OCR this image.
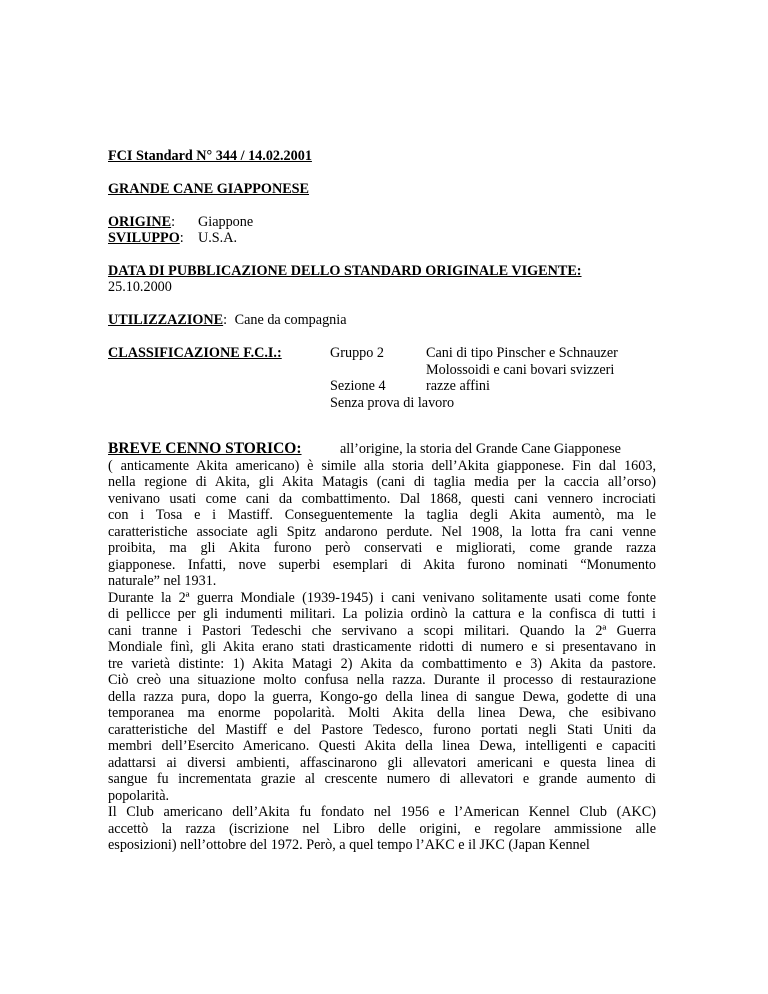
FCI Standard N° 344 / 14.02.2001
GRANDE CANE GIAPPONESE
ORIGINE: Giappone
SVILUPPO: U.S.A.
DATA DI PUBBLICAZIONE DELLO STANDARD ORIGINALE VIGENTE:
25.10.2000
UTILIZZAZIONE: Cane da compagnia
CLASSIFICAZIONE F.C.I.:	Gruppo 2	Cani di tipo Pinscher e Schnauzer
Molossoidi e cani bovari svizzeri
Sezione 4	razze affini
Senza prova di lavoro
BREVE CENNO STORICO:	all’origine, la storia del Grande Cane Giapponese
( anticamente Akita americano) è simile alla storia dell’Akita giapponese. Fin dal 1603,
nella regione di Akita, gli Akita Matagis (cani di taglia media per la caccia all’orso)
venivano usati come cani da combattimento. Dal 1868, questi cani vennero incrociati
con i Tosa e i Mastiff. Conseguentemente la taglia degli Akita aumentò, ma le
caratteristiche associate agli Spitz andarono perdute. Nel 1908, la lotta fra cani venne
proibita, ma gli Akita furono però conservati e migliorati, come grande razza
giapponese. Infatti, nove superbi esemplari di Akita furono nominati “Monumento
naturale” nel 1931.
Durante la 2ª guerra Mondiale (1939-1945) i cani venivano solitamente usati come fonte
di pellicce per gli indumenti militari. La polizia ordinò la cattura e la confisca di tutti i
cani tranne i Pastori Tedeschi che servivano a scopi militari. Quando la 2ª Guerra
Mondiale finì, gli Akita erano stati drasticamente ridotti di numero e si presentavano in
tre varietà distinte: 1) Akita Matagi 2) Akita da combattimento e 3) Akita da pastore.
Ciò creò una situazione molto confusa nella razza. Durante il processo di restaurazione
della razza pura, dopo la guerra, Kongo-go della linea di sangue Dewa, godette di una
temporanea ma enorme popolarità. Molti Akita della linea Dewa, che esibivano
caratteristiche del Mastiff e del Pastore Tedesco, furono portati negli Stati Uniti da
membri dell’Esercito Americano. Questi Akita della linea Dewa, intelligenti e capaciti
adattarsi ai diversi ambienti, affascinarono gli allevatori americani e questa linea di
sangue fu incrementata grazie al crescente numero di allevatori e grande aumento di
popolarità.
Il Club americano dell’Akita fu fondato nel 1956 e l’American Kennel Club (AKC)
accettò la razza (iscrizione nel Libro delle origini, e regolare ammissione alle
esposizioni) nell’ottobre del 1972. Però, a quel tempo l’AKC e il JKC (Japan Kennel
